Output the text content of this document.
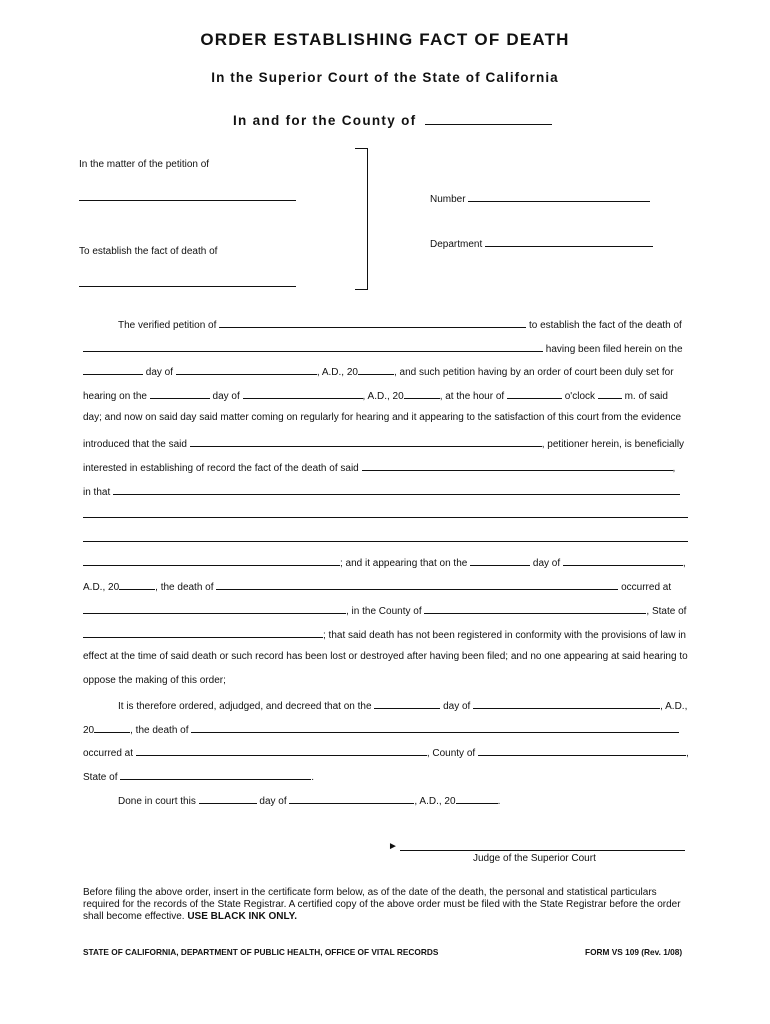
ORDER ESTABLISHING FACT OF DEATH
In the Superior Court of the State of California
In and for the County of
In the matter of the petition of
To establish the fact of death of
Number
Department
The verified petition of	to establish the fact of the death of
having been filed herein on the
day of	, A.D., 20	, and such petition having by an order of court been duly set for
hearing on the	day of	, A.D., 20	, at the hour of	o'clock	m. of said
day; and now on said day said matter coming on regularly for hearing and it appearing to the satisfaction of this court from the evidence
introduced that the said	, petitioner herein, is beneficially
interested in establishing of record the fact of the death of said	,
in that
; and it appearing that on the	day of	,
A.D., 20	, the death of	occurred at
, in the County of	, State of
; that said death has not been registered in conformity with the provisions of law in
effect at the time of said death or such record has been lost or destroyed after having been filed; and no one appearing at said hearing to
oppose the making of this order;
It is therefore ordered, adjudged, and decreed that on the	day of	, A.D.,
20	, the death of
occurred at	, County of	,
State of	.
Done in court this	day of	, A.D., 20	.
►
Judge of the Superior Court
Before filing the above order, insert in the certificate form below, as of the date of the death, the personal and statistical particulars required for the records of the State Registrar. A certified copy of the above order must be filed with the State Registrar before the order shall become effective. USE BLACK INK ONLY.
STATE OF CALIFORNIA, DEPARTMENT OF PUBLIC HEALTH, OFFICE OF VITAL RECORDS	FORM VS 109 (Rev. 1/08)
